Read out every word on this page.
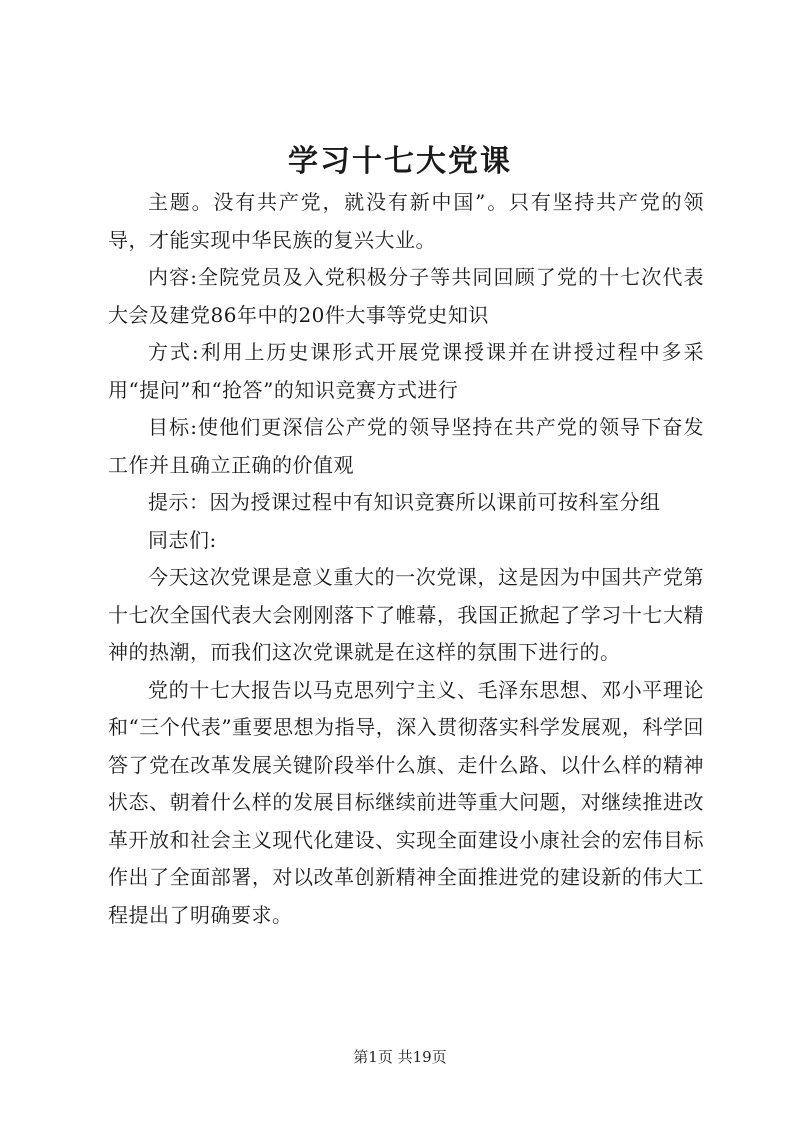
学习十七大党课

主题。没有共产党，就没有新中国”。只有坚持共产党的领导，才能实现中华民族的复兴大业。

内容:全院党员及入党积极分子等共同回顾了党的十七次代表大会及建党86年中的20件大事等党史知识

方式:利用上历史课形式开展党课授课并在讲授过程中多采用“提问”和“抢答”的知识竞赛方式进行

目标:使他们更深信公产党的领导坚持在共产党的领导下奋发工作并且确立正确的价值观

提示：因为授课过程中有知识竞赛所以课前可按科室分组

同志们:

今天这次党课是意义重大的一次党课，这是因为中国共产党第十七次全国代表大会刚刚落下了帷幕，我国正掀起了学习十七大精神的热潮，而我们这次党课就是在这样的氛围下进行的。

党的十七大报告以马克思列宁主义、毛泽东思想、邓小平理论和“三个代表”重要思想为指导，深入贯彻落实科学发展观，科学回答了党在改革发展关键阶段举什么旗、走什么路、以什么样的精神状态、朝着什么样的发展目标继续前进等重大问题，对继续推进改革开放和社会主义现代化建设、实现全面建设小康社会的宏伟目标作出了全面部署，对以改革创新精神全面推进党的建设新的伟大工程提出了明确要求。

第1页 共19页
